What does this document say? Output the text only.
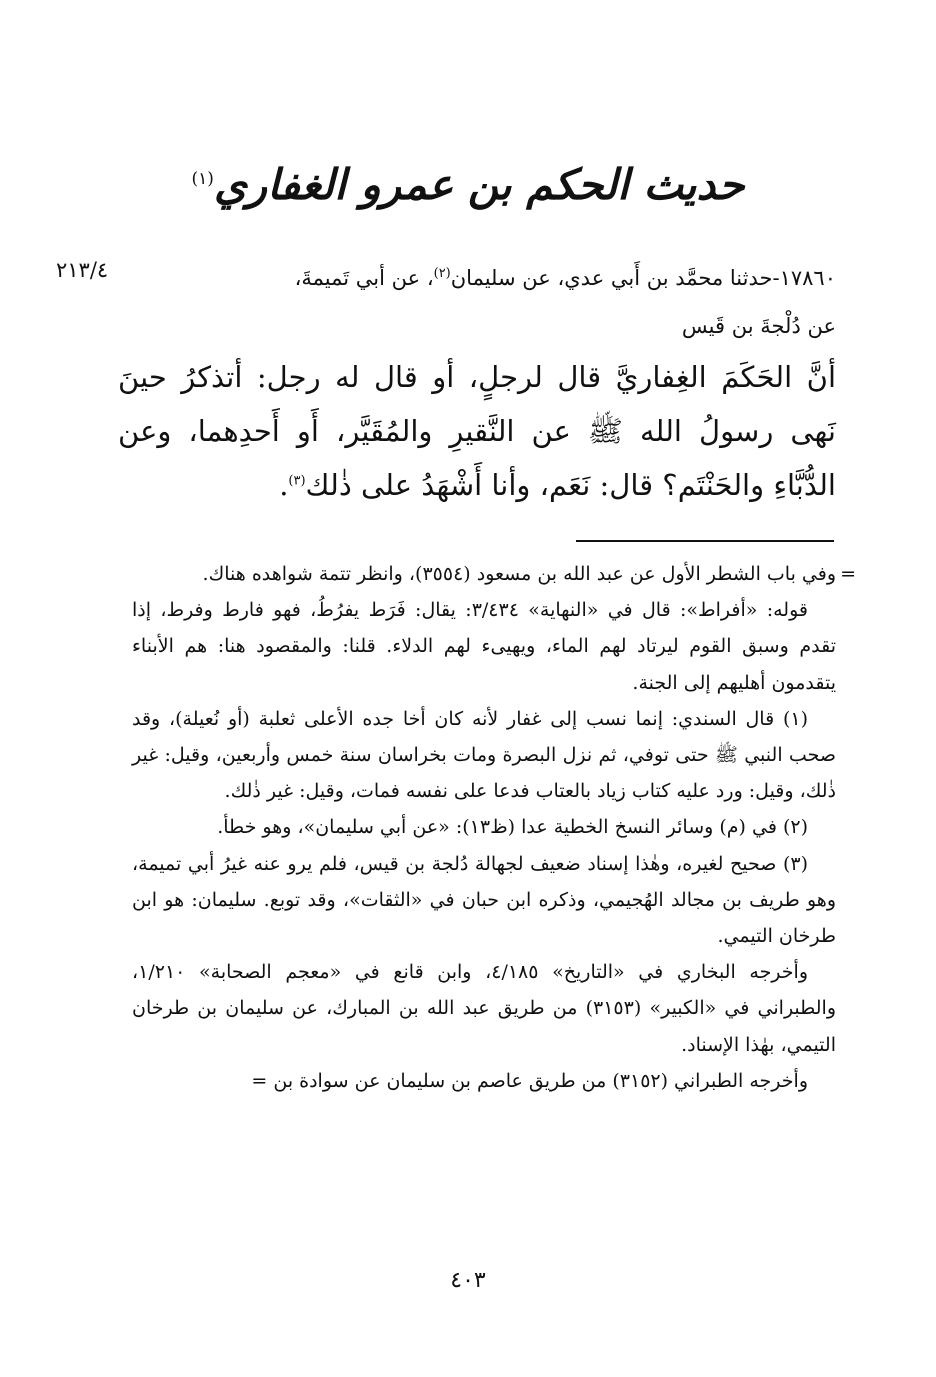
حديث الحكم بن عمرو الغفاري$^{(١)}$
٢١٣/٤	١٧٨٦٠-حدثنا محمَّد بن أَبي عدي، عن سليمان$^{(٢)}$، عن أبي تَميمةَ،
عن دُلْجةَ بن قَيس
أنَّ الحَكَمَ الغِفاريَّ قال لرجلٍ، أو قال له رجل: أتذكرُ حينَ نَهى رسولُ الله ﷺ عن النَّقيرِ والمُقَيَّر، أَو أَحدِهما، وعن الدُّبَّاءِ والحَنْتَم؟ قال: نَعَم، وأنا أَشْهَدُ على ذٰلك$^{(٣)}$.

=
وفي باب الشطر الأول عن عبد الله بن مسعود (٣٥٥٤)، وانظر تتمة شواهده هناك.

قوله: «أفراط»: قال في «النهاية» ٣/٤٣٤: يقال: فَرَط يفرُطُ، فهو فارط وفرط، إذا تقدم وسبق القوم ليرتاد لهم الماء، ويهيىء لهم الدلاء. قلنا: والمقصود هنا: هم الأبناء يتقدمون أهليهم إلى الجنة.

(١) قال السندي: إنما نسب إلى غفار لأنه كان أخا جده الأعلى ثعلبة (أو نُعيلة)، وقد صحب النبي ﷺ حتى توفي، ثم نزل البصرة ومات بخراسان سنة خمس وأربعين، وقيل: غير ذٰلك، وقيل: ورد عليه كتاب زياد بالعتاب فدعا على نفسه فمات، وقيل: غير ذٰلك.

(٢) في (م) وسائر النسخ الخطية عدا (ظ١٣): «عن أبي سليمان»، وهو خطأ.

(٣) صحيح لغيره، وهٰذا إسناد ضعيف لجهالة دُلجة بن قيس، فلم يرو عنه غيرُ أبي تميمة، وهو طريف بن مجالد الهُجيمي، وذكره ابن حبان في «الثقات»، وقد توبع. سليمان: هو ابن طرخان التيمي.

وأخرجه البخاري في «التاريخ» ٤/١٨٥، وابن قانع في «معجم الصحابة» ١/٢١٠، والطبراني في «الكبير» (٣١٥٣) من طريق عبد الله بن المبارك، عن سليمان بن طرخان التيمي، بهٰذا الإسناد.

وأخرجه الطبراني (٣١٥٢) من طريق عاصم بن سليمان عن سوادة بن =

٤٠٣
